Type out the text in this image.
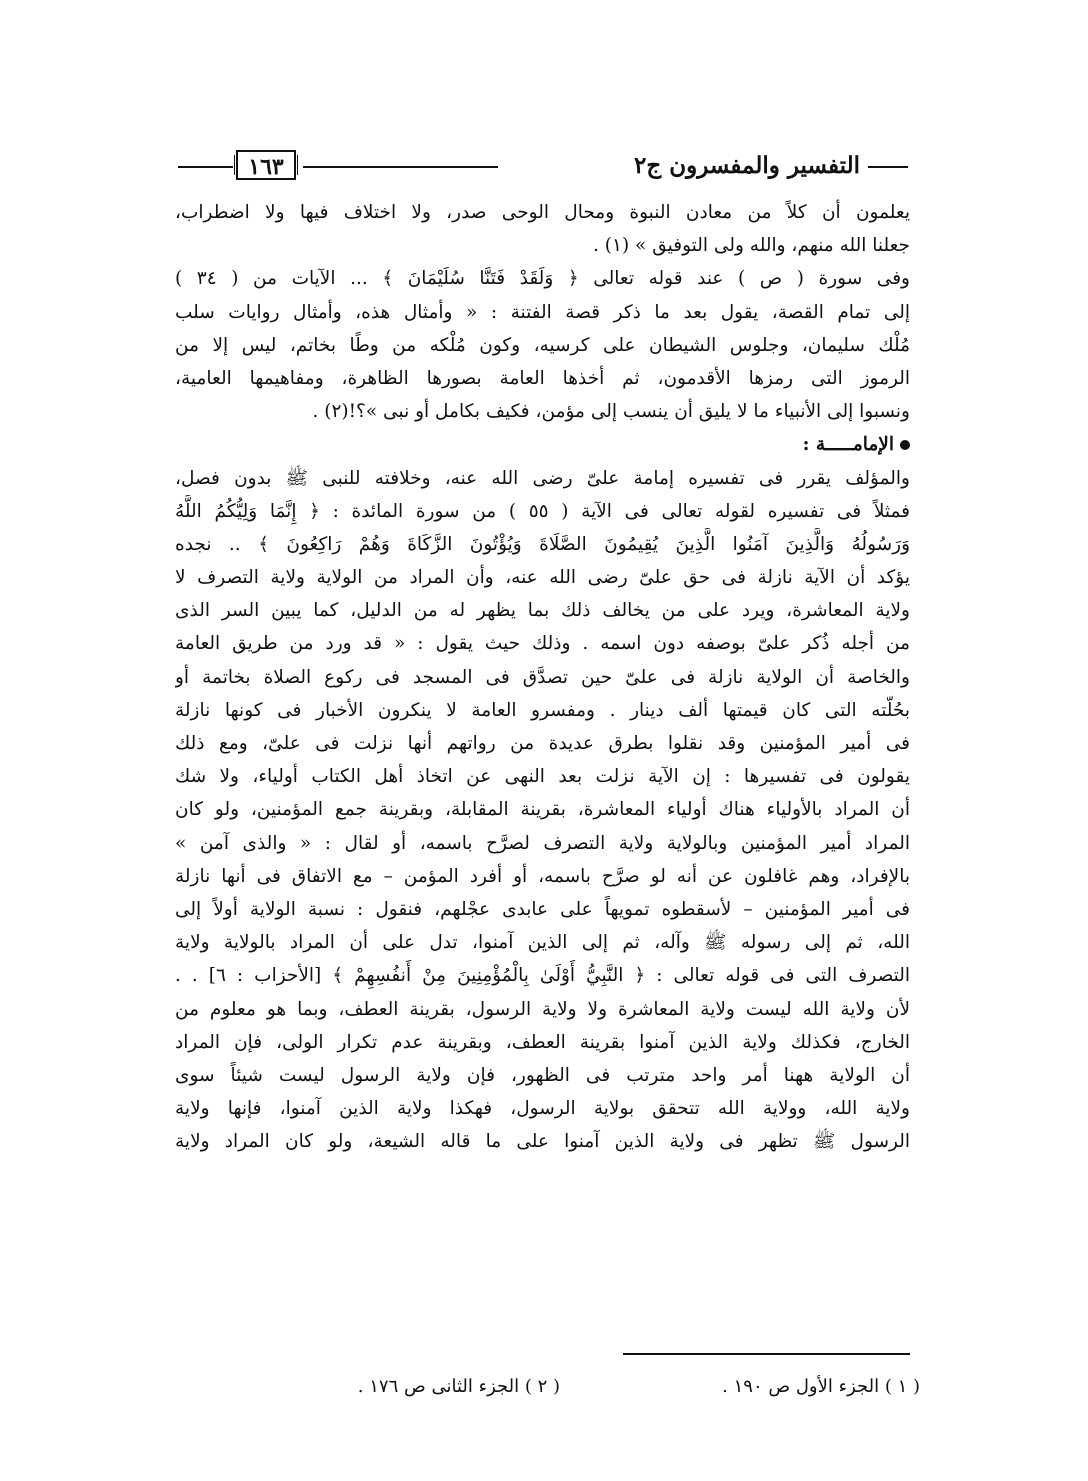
التفسير والمفسرون ج٢
١٦٣
يعلمون أن كلاً من معادن النبوة ومحال الوحى صدر، ولا اختلاف فيها ولا اضطراب،
جعلنا الله منهم، والله ولى التوفيق » (١) .
وفى سورة ( ص ) عند قوله تعالى ﴿ وَلَقَدْ فَتَنَّا سُلَيْمَانَ ﴾ ... الآيات من ( ٣٤ )
إلى تمام القصة، يقول بعد ما ذكر قصة الفتنة : « وأمثال هذه، وأمثال روايات سلب
مُلْك سليمان، وجلوس الشيطان على كرسيه، وكون مُلْكه من وطًا بخاتم، ليس إلا من
الرموز التى رمزها الأقدمون، ثم أخذها العامة بصورها الظاهرة، ومفاهيمها العامية،
ونسبوا إلى الأنبياء ما لا يليق أن ينسب إلى مؤمن، فكيف بكامل أو نبى »؟!(٢) .
الإمامـــــة :
والمؤلف يقرر فى تفسيره إمامة علىّ رضى الله عنه، وخلافته للنبى ﷺ بدون فصل،
فمثلاً فى تفسيره لقوله تعالى فى الآية ( ٥٥ ) من سورة المائدة : ﴿ إِنَّمَا وَلِيُّكُمُ اللَّهُ
وَرَسُولُهُ وَالَّذِينَ آمَنُوا الَّذِينَ يُقِيمُونَ الصَّلَاةَ وَيُؤْتُونَ الزَّكَاةَ وَهُمْ رَاكِعُونَ ﴾ .. نجده
يؤكد أن الآية نازلة فى حق علىّ رضى الله عنه، وأن المراد من الولاية ولاية التصرف لا
ولاية المعاشرة، ويرد على من يخالف ذلك بما يظهر له من الدليل، كما يبين السر الذى
من أجله ذُكر علىّ بوصفه دون اسمه . وذلك حيث يقول : « قد ورد من طريق العامة
والخاصة أن الولاية نازلة فى علىّ حين تصدَّق فى المسجد فى ركوع الصلاة بخاتمة أو
بحُلّته التى كان قيمتها ألف دينار . ومفسرو العامة لا ينكرون الأخبار فى كونها نازلة
فى أمير المؤمنين وقد نقلوا بطرق عديدة من رواتهم أنها نزلت فى علىّ، ومع ذلك
يقولون فى تفسيرها : إن الآية نزلت بعد النهى عن اتخاذ أهل الكتاب أولياء، ولا شك
أن المراد بالأولياء هناك أولياء المعاشرة، بقرينة المقابلة، وبقرينة جمع المؤمنين، ولو كان
المراد أمير المؤمنين وبالولاية ولاية التصرف لصرَّح باسمه، أو لقال : « والذى آمن »
بالإفراد، وهم غافلون عن أنه لو صرَّح باسمه، أو أفرد المؤمن – مع الاتفاق فى أنها نازلة
فى أمير المؤمنين – لأسقطوه تمويهاً على عابدى عجْلهم، فنقول : نسبة الولاية أولاً إلى
الله، ثم إلى رسوله ﷺ وآله، ثم إلى الذين آمنوا، تدل على أن المراد بالولاية ولاية
التصرف التى فى قوله تعالى : ﴿ النَّبِيُّ أَوْلَىٰ بِالْمُؤْمِنِينَ مِنْ أَنفُسِهِمْ ﴾ [الأحزاب : ٦] . .
لأن ولاية الله ليست ولاية المعاشرة ولا ولاية الرسول، بقرينة العطف، وبما هو معلوم من
الخارج، فكذلك ولاية الذين آمنوا بقرينة العطف، وبقرينة عدم تكرار الولى، فإن المراد
أن الولاية ههنا أمر واحد مترتب فى الظهور، فإن ولاية الرسول ليست شيئاً سوى
ولاية الله، وولاية الله تتحقق بولاية الرسول، فهكذا ولاية الذين آمنوا، فإنها ولاية
الرسول ﷺ تظهر فى ولاية الذين آمنوا على ما قاله الشيعة، ولو كان المراد ولاية
( ١ ) الجزء الأول ص ١٩٠ .
( ٢ ) الجزء الثانى ص ١٧٦ .
